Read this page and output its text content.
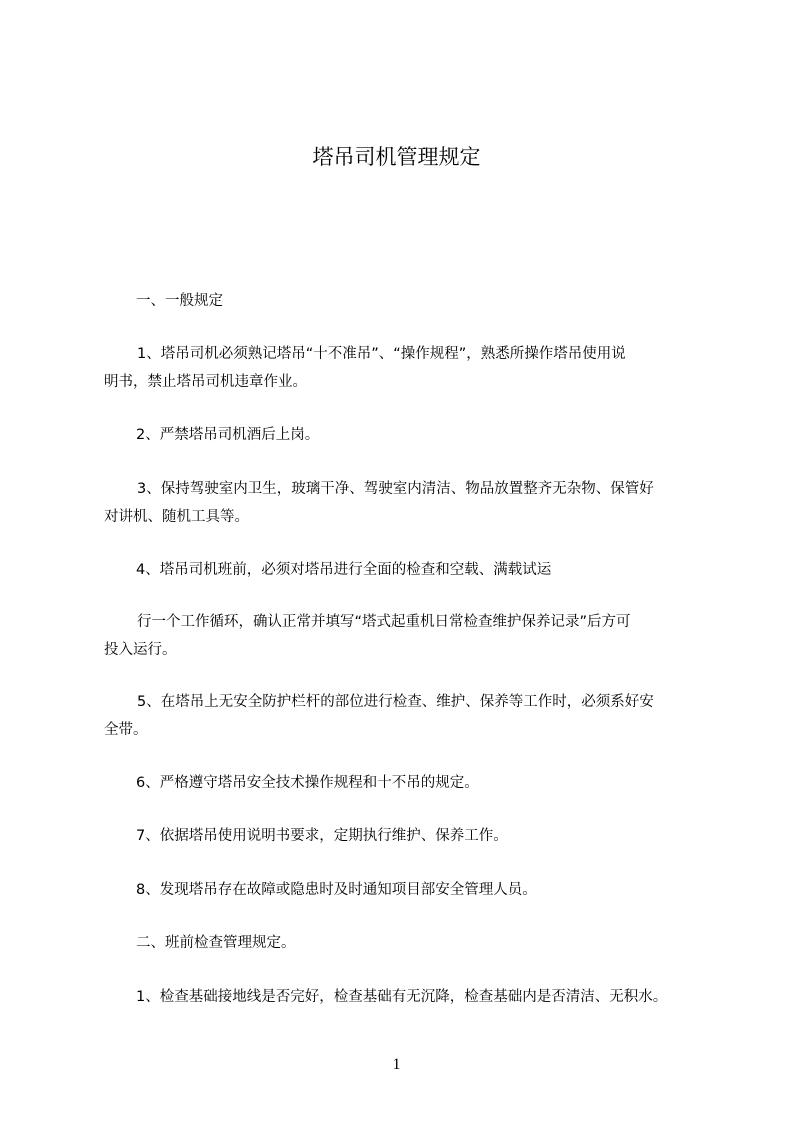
塔吊司机管理规定
一、一般规定
1、塔吊司机必须熟记塔吊“十不准吊”、“操作规程”，熟悉所操作塔吊使用说
明书，禁止塔吊司机违章作业。
2、严禁塔吊司机酒后上岗。
3、保持驾驶室内卫生，玻璃干净、驾驶室内清洁、物品放置整齐无杂物、保管好
对讲机、随机工具等。
4、塔吊司机班前，必须对塔吊进行全面的检查和空载、满载试运
行一个工作循环，确认正常并填写“塔式起重机日常检查维护保养记录”后方可
投入运行。
5、在塔吊上无安全防护栏杆的部位进行检查、维护、保养等工作时，必须系好安
全带。
6、严格遵守塔吊安全技术操作规程和十不吊的规定。
7、依据塔吊使用说明书要求，定期执行维护、保养工作。
8、发现塔吊存在故障或隐患时及时通知项目部安全管理人员。
二、班前检查管理规定。
1、检查基础接地线是否完好，检查基础有无沉降，检查基础内是否清洁、无积水。
1
